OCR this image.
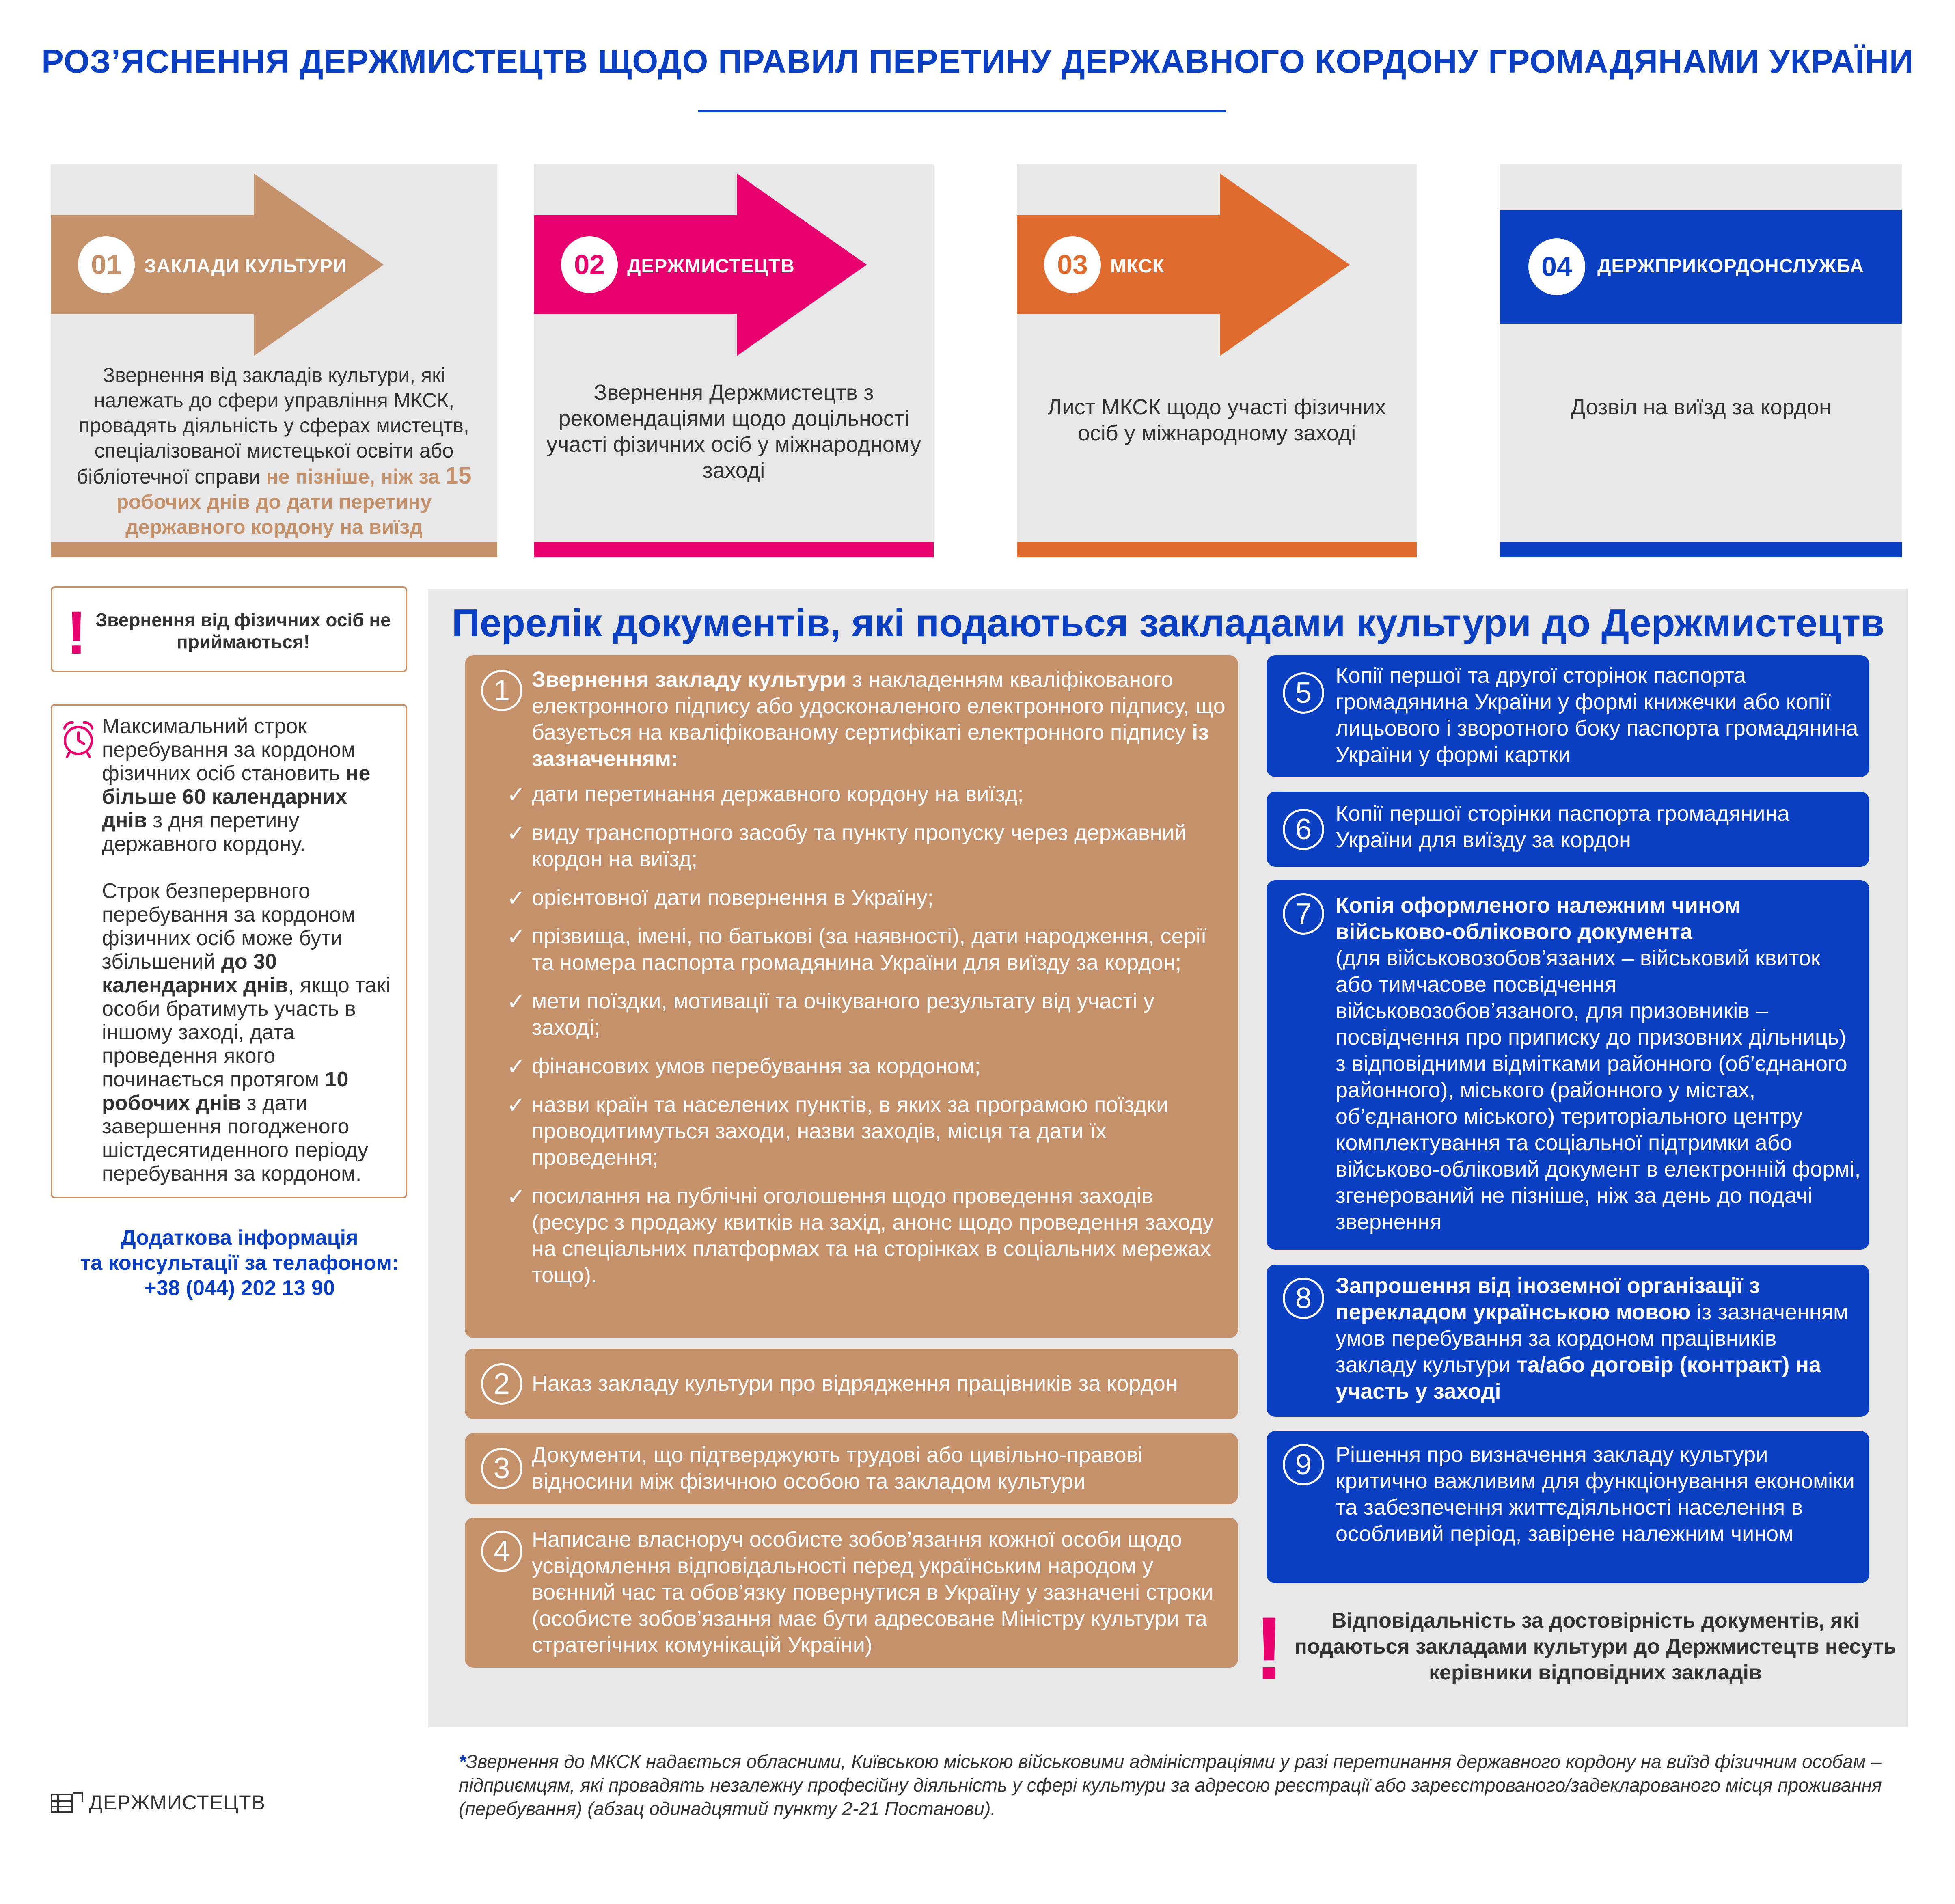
РОЗ’ЯСНЕННЯ ДЕРЖМИСТЕЦТВ ЩОДО ПРАВИЛ ПЕРЕТИНУ ДЕРЖАВНОГО КОРДОНУ ГРОМАДЯНАМИ УКРАЇНИ
01	ЗАКЛАДИ КУЛЬТУРИ
Звернення від закладів культури, які належать до сфери управління МКСК, провадять діяльність у сферах мистецтв, спеціалізованої мистецької освіти або бібліотечної справи не пізніше, ніж за 15 робочих днів до дати перетину державного кордону на виїзд
02	ДЕРЖМИСТЕЦТВ
Звернення Держмистецтв з рекомендаціями щодо доцільності участі фізичних осіб у міжнародному заході
03	МКСК
Лист МКСК щодо участі фізичних осіб у міжнародному заході
04	ДЕРЖПРИКОРДОНСЛУЖБА
Дозвіл на виїзд за кордон
! Звернення від фізичних осіб не приймаються!

Максимальний строк перебування за кордоном фізичних осіб становить не більше 60 календарних днів з дня перетину державного кордону.

Строк безперервного перебування за кордоном фізичних осіб може бути збільшений до 30 календарних днів, якщо такі особи братимуть участь в іншому заході, дата проведення якого починається протягом 10 робочих днів з дати завершення погодженого шістдесятиденного періоду перебування за кордоном.

Додаткова інформація
та консультації за телафоном:
+38 (044) 202 13 90
Перелік документів, які подаються закладами культури до Держмистецтв
1 Звернення закладу культури з накладенням кваліфікованого електронного підпису або удосконаленого електронного підпису, що базується на кваліфікованому сертифікаті електронного підпису із зазначенням:
✓ дати перетинання державного кордону на виїзд;
✓ виду транспортного засобу та пункту пропуску через державний кордон на виїзд;
✓ орієнтовної дати повернення в Україну;
✓ прізвища, імені, по батькові (за наявності), дати народження, серії та номера паспорта громадянина України для виїзду за кордон;
✓ мети поїздки, мотивації та очікуваного результату від участі у заході;
✓ фінансових умов перебування за кордоном;
✓ назви країн та населених пунктів, в яких за програмою поїздки проводитимуться заходи, назви заходів, місця та дати їх проведення;
✓ посилання на публічні оголошення щодо проведення заходів (ресурс з продажу квитків на захід, анонс щодо проведення заходу на спеціальних платформах та на сторінках в соціальних мережах тощо).
2 Наказ закладу культури про відрядження працівників за кордон
3 Документи, що підтверджують трудові або цивільно-правові відносини між фізичною особою та закладом культури
4 Написане власноруч особисте зобов’язання кожної особи щодо усвідомлення відповідальності перед українським народом у воєнний час та обов’язку повернутися в Україну у зазначені строки (особисте зобов’язання має бути адресоване Міністру культури та стратегічних комунікацій України)
5
Копії першої та другої сторінок паспорта громадянина України у формі книжечки або копії лицьового і зворотного боку паспорта громадянина України у формі картки
6	Копії першої сторінки паспорта громадянина України для виїзду за кордон
7	Копія оформленого належним чином військово-облікового документа
(для військовозобов’язаних – військовий квиток або тимчасове посвідчення військовозобов’язаного, для призовників – посвідчення про приписку до призовних дільниць) з відповідними відмітками районного (об’єднаного районного), міського (районного у містах, об’єднаного міського) територіального центру комплектування та соціальної підтримки або військово-обліковий документ в електронній формі, згенерований не пізніше, ніж за день до подачі звернення
8	Запрошення від іноземної організації з перекладом українською мовою із зазначенням умов перебування за кордоном працівників закладу культури та/або договір (контракт) на участь у заході
9	Рішення про визначення закладу культури критично важливим для функціонування економіки та забезпечення життєдіяльності населення в особливий період, завірене належним чином
!	Відповідальність за достовірність документів, які подаються закладами культури до Держмистецтв несуть керівники відповідних закладів
*Звернення до МКСК надається обласними, Київською міською військовими адміністраціями у разі перетинання державного кордону на виїзд фізичним особам – підприємцям, які провадять незалежну професійну діяльність у сфері культури за адресою реєстрації або зареєстрованого/задекларованого місця проживання (перебування) (абзац одинадцятий пункту 2-21 Постанови).
ДЕРЖМИСТЕЦТВ
